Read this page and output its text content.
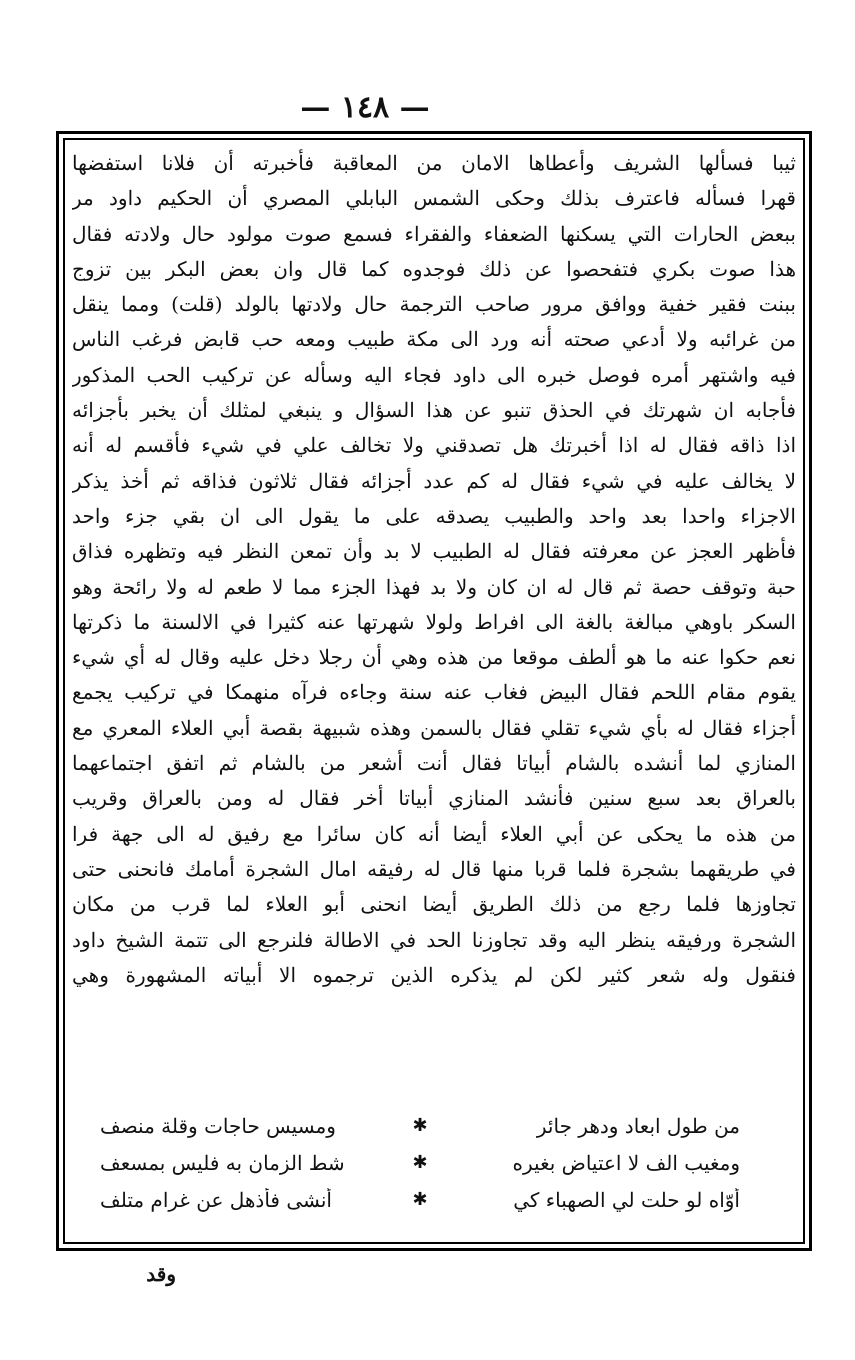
— ١٤٨ —
ثيبا فسألها الشريف وأعطاها الامان من المعاقبة فأخبرته أن فلانا استفضها
قهرا فسأله فاعترف بذلك وحكى الشمس البابلي المصري أن الحكيم داود مر
ببعض الحارات التي يسكنها الضعفاء والفقراء فسمع صوت مولود حال ولادته فقال
هذا صوت بكري فتفحصوا عن ذلك فوجدوه كما قال وان بعض البكر بين تزوج
ببنت فقير خفية ووافق مرور صاحب الترجمة حال ولادتها بالولد (قلت) ومما ينقل
من غرائبه ولا أدعي صحته أنه ورد الى مكة طبيب ومعه حب قابض فرغب الناس
فيه واشتهر أمره فوصل خبره الى داود فجاء اليه وسأله عن تركيب الحب المذكور
فأجابه ان شهرتك في الحذق تنبو عن هذا السؤال و ينبغي لمثلك أن يخبر بأجزائه
اذا ذاقه فقال له اذا أخبرتك هل تصدقني ولا تخالف علي في شيء فأقسم له أنه
لا يخالف عليه في شيء فقال له كم عدد أجزائه فقال ثلاثون فذاقه ثم أخذ يذكر
الاجزاء واحدا بعد واحد والطبيب يصدقه على ما يقول الى ان بقي جزء واحد
فأظهر العجز عن معرفته فقال له الطبيب لا بد وأن تمعن النظر فيه وتظهره فذاق
حبة وتوقف حصة ثم قال له ان كان ولا بد فهذا الجزء مما لا طعم له ولا رائحة وهو
السكر باوهي مبالغة بالغة الى افراط ولولا شهرتها عنه كثيرا في الالسنة ما ذكرتها
نعم حكوا عنه ما هو ألطف موقعا من هذه وهي أن رجلا دخل عليه وقال له أي شيء
يقوم مقام اللحم فقال البيض فغاب عنه سنة وجاءه فرآه منهمكا في تركيب يجمع
أجزاء فقال له بأي شيء تقلي فقال بالسمن وهذه شبيهة بقصة أبي العلاء المعري مع
المنازي لما أنشده بالشام أبياتا فقال أنت أشعر من بالشام ثم اتفق اجتماعهما
بالعراق بعد سبع سنين فأنشد المنازي أبياتا أخر فقال له ومن بالعراق وقريب
من هذه ما يحكى عن أبي العلاء أيضا أنه كان سائرا مع رفيق له الى جهة فرا
في طريقهما بشجرة فلما قربا منها قال له رفيقه امال الشجرة أمامك فانحنى حتى
تجاوزها فلما رجع من ذلك الطريق أيضا انحنى أبو العلاء لما قرب من مكان
الشجرة ورفيقه ينظر اليه وقد تجاوزنا الحد في الاطالة فلنرجع الى تتمة الشيخ داود
فنقول وله شعر كثير لكن لم يذكره الذين ترجموه الا أبياته المشهورة وهي
من طول ابعاد ودهر جائر
✱
ومسيس حاجات وقلة منصف
ومغيب الف لا اعتياض بغيره
✱
شط الزمان به فليس بمسعف
أوّاه لو حلت لي الصهباء كي
✱
أنشى فأذهل عن غرام متلف
وقد
